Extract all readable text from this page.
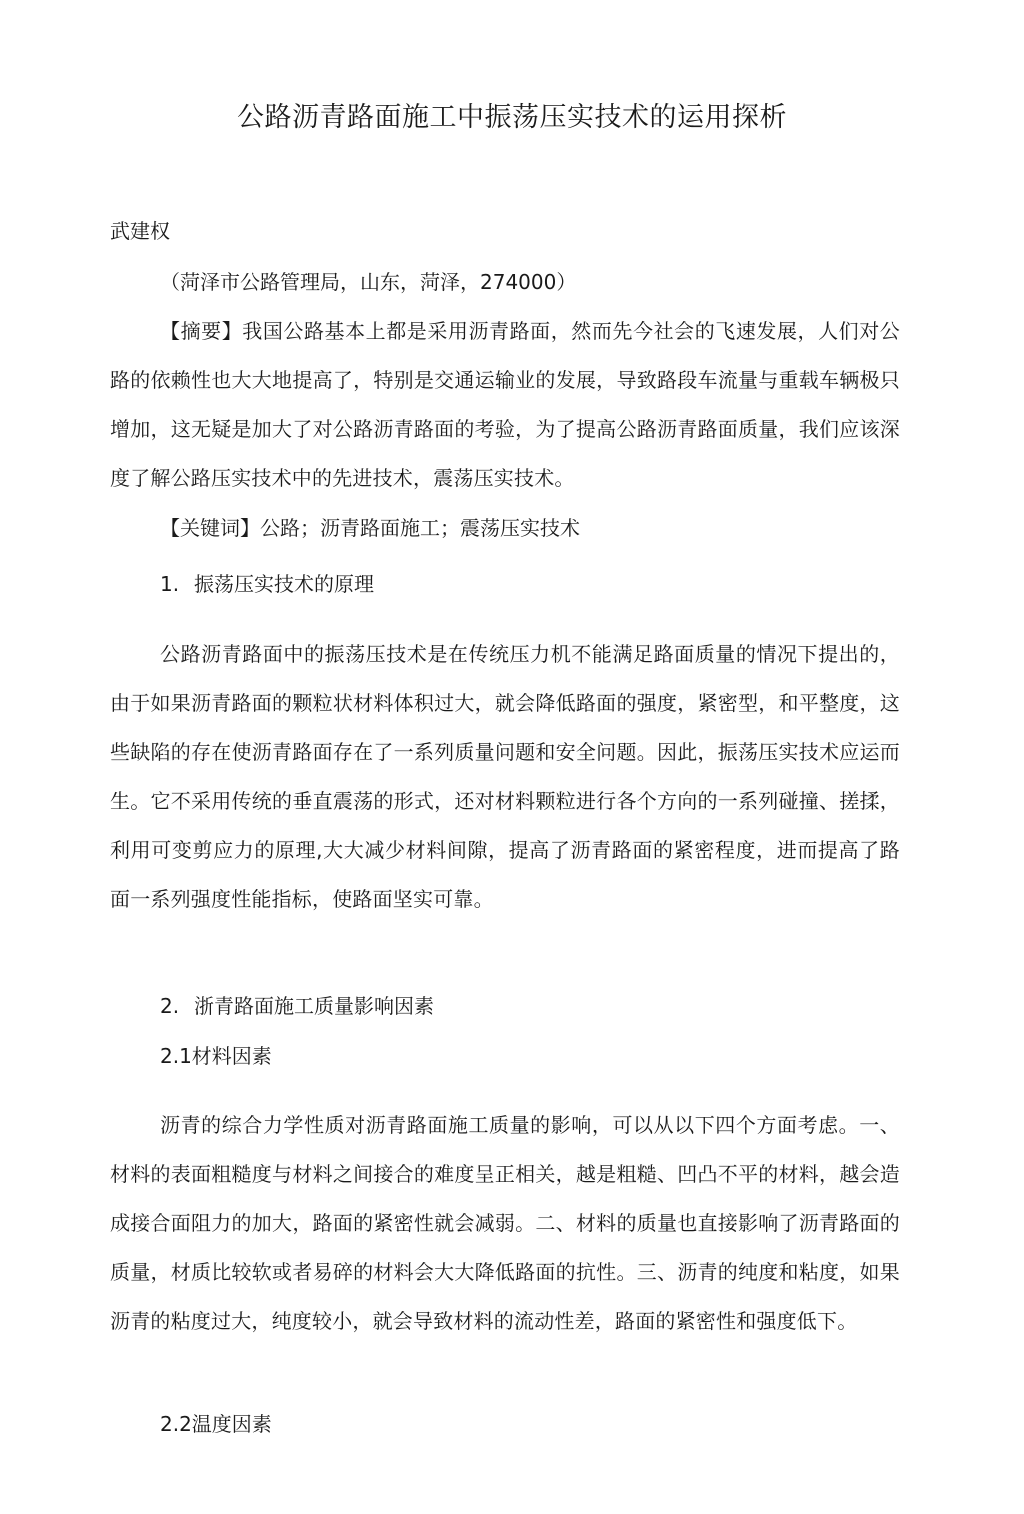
公路沥青路面施工中振荡压实技术的运用探析
武建权
（菏泽市公路管理局，山东，菏泽，274000）

【摘要】我国公路基本上都是采用沥青路面，然而先今社会的飞速发展，人们对公路的依赖性也大大地提高了，特别是交通运输业的发展，导致路段车流量与重载车辆极只增加，这无疑是加大了对公路沥青路面的考验，为了提高公路沥青路面质量，我们应该深度了解公路压实技术中的先进技术，震荡压实技术。

【关键词】公路；沥青路面施工；震荡压实技术
1. 振荡压实技术的原理

公路沥青路面中的振荡压技术是在传统压力机不能满足路面质量的情况下提出的，由于如果沥青路面的颗粒状材料体积过大，就会降低路面的强度，紧密型，和平整度，这些缺陷的存在使沥青路面存在了一系列质量问题和安全问题。因此，振荡压实技术应运而生。它不采用传统的垂直震荡的形式，还对材料颗粒进行各个方向的一系列碰撞、搓揉，利用可变剪应力的原理,大大减少材料间隙，提高了沥青路面的紧密程度，进而提高了路面一系列强度性能指标，使路面坚实可靠。

2. 浙青路面施工质量影响因素
2.1材料因素

沥青的综合力学性质对沥青路面施工质量的影响，可以从以下四个方面考虑。一、材料的表面粗糙度与材料之间接合的难度呈正相关，越是粗糙、凹凸不平的材料，越会造成接合面阻力的加大，路面的紧密性就会减弱。二、材料的质量也直接影响了沥青路面的质量，材质比较软或者易碎的材料会大大降低路面的抗性。三、沥青的纯度和粘度，如果沥青的粘度过大，纯度较小，就会导致材料的流动性差，路面的紧密性和强度低下。

2.2温度因素
